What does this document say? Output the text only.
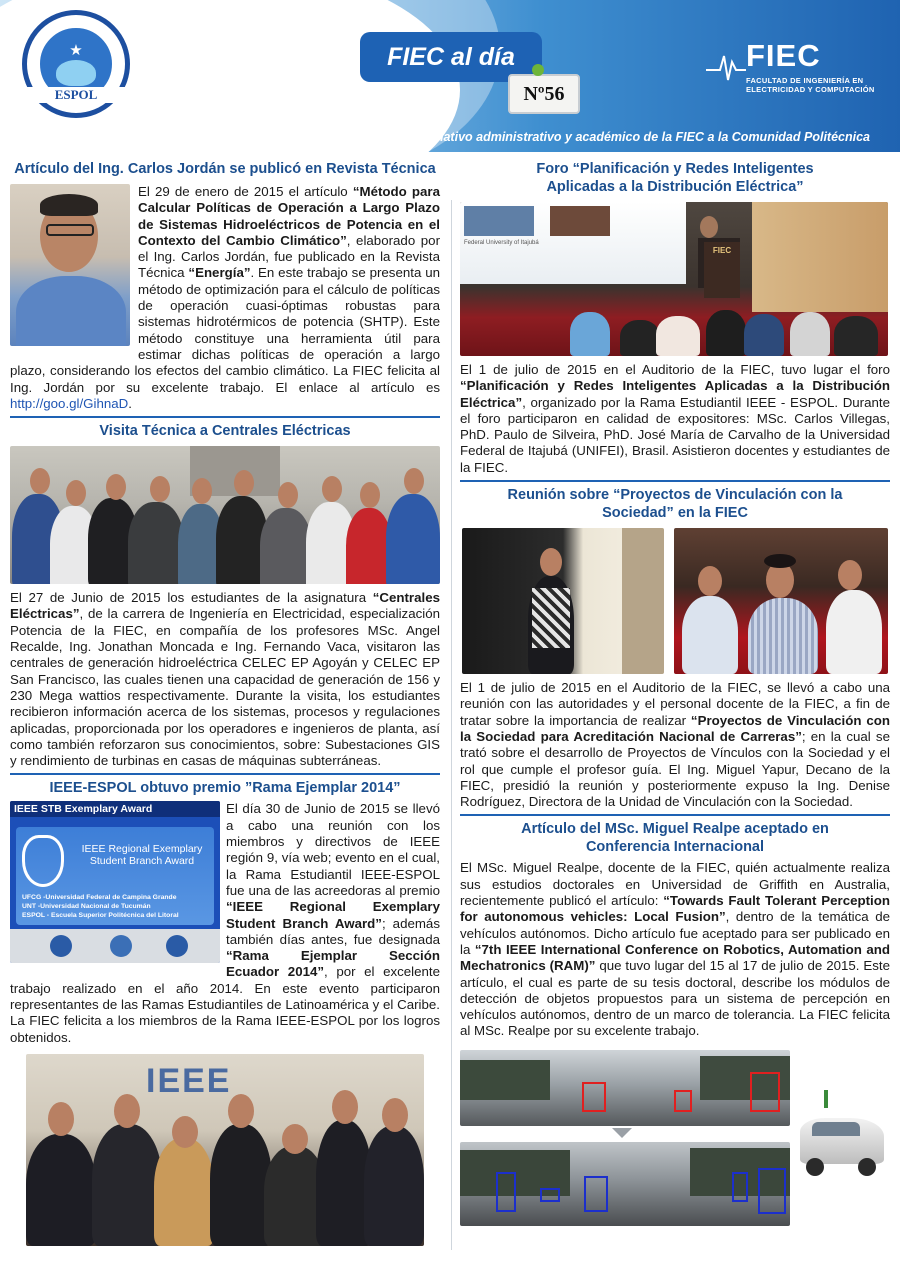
★
ESPOL
FIEC al día
Nº56
FIEC
FACULTAD DE INGENIERÍA EN ELECTRICIDAD Y COMPUTACIÓN
Informativo administrativo y académico de la FIEC a la Comunidad Politécnica
Artículo del Ing. Carlos Jordán se publicó en Revista Técnica

El 29 de enero de 2015 el artículo “Método para Calcular Políticas de Operación a Largo Plazo de Sistemas Hidroeléctricos de Potencia en el Contexto del Cambio Climático”, elaborado por el Ing. Carlos Jordán, fue publicado en la Revista Técnica “Energía”. En este trabajo se presenta un método de optimización para el cálculo de políticas de operación cuasi-óptimas robustas para sistemas hidrotérmicos de potencia (SHTP). Este método constituye una herramienta útil para estimar dichas políticas de operación a largo plazo, considerando los efectos del cambio climático. La FIEC felicita al Ing. Jordán por su excelente trabajo. El enlace al artículo es http://goo.gl/GihnaD.

Visita Técnica a Centrales Eléctricas

El 27 de Junio de 2015 los estudiantes de la asignatura “Centrales Eléctricas”, de la carrera de Ingeniería en Electricidad, especialización Potencia de la FIEC, en compañía de los profesores MSc. Angel Recalde, Ing. Jonathan Moncada e Ing. Fernando Vaca, visitaron las centrales de generación hidroeléctrica CELEC EP Agoyán y CELEC EP San Francisco, las cuales tienen una capacidad de generación de 156 y 230 Mega wattios respectivamente. Durante la visita, los estudiantes recibieron información acerca de los sistemas, procesos y regulaciones aplicadas, proporcionada por los operadores e ingenieros de planta, así como también reforzaron sus conocimientos, sobre: Subestaciones GIS y rendimiento de turbinas en casas de máquinas subterráneas.

IEEE-ESPOL obtuvo premio ”Rama Ejemplar 2014”
IEEE STB Exemplary Award
IEEE Regional Exemplary Student Branch Award
UFCG -Universidad Federal de Campina Grande
UNT -Universidad Nacional de Tucumán
ESPOL - Escuela Superior Politécnica del Litoral

El día 30 de Junio de 2015 se llevó a cabo una reunión con los miembros y directivos de IEEE región 9, vía web; evento en el cual, la Rama Estudiantil IEEE-ESPOL fue una de las acreedoras al premio “IEEE Regional Exemplary Student Branch Award”; además también días antes, fue designada “Rama Ejemplar Sección Ecuador 2014”, por el excelente trabajo realizado en el año 2014. En este evento participaron representantes de las Ramas Estudiantiles de Latinoamérica y el Caribe. La FIEC felicita a los miembros de la Rama IEEE-ESPOL por los logros obtenidos.

IEEE
Foro “Planificación y Redes Inteligentes Aplicadas a la Distribución Eléctrica”
Federal University of Itajubá
FIEC

El 1 de julio de 2015 en el Auditorio de la FIEC, tuvo lugar el foro “Planificación y Redes Inteligentes Aplicadas a la Distribución Eléctrica”, organizado por la Rama Estudiantil IEEE - ESPOL. Durante el foro participaron en calidad de expositores: MSc. Carlos Villegas, PhD. Paulo de Silveira, PhD. José María de Carvalho de la Universidad Federal de Itajubá (UNIFEI), Brasil. Asistieron docentes y estudiantes de la FIEC.

Reunión sobre “Proyectos de Vinculación con la Sociedad” en la FIEC

El 1 de julio de 2015 en el Auditorio de la FIEC, se llevó a cabo una reunión con las autoridades y el personal docente de la FIEC, a fin de tratar sobre la importancia de realizar “Proyectos de Vinculación con la Sociedad para Acreditación Nacional de Carreras”; en la cual se trató sobre el desarrollo de Proyectos de Vínculos con la Sociedad y el rol que cumple el profesor guía. El Ing. Miguel Yapur, Decano de la FIEC, presidió la reunión y posteriormente expuso la Ing. Denise Rodríguez, Directora de la Unidad de Vinculación con la Sociedad.

Artículo del MSc. Miguel Realpe aceptado en Conferencia Internacional

El MSc. Miguel Realpe, docente de la FIEC, quién actualmente realiza sus estudios doctorales en Universidad de Griffith en Australia, recientemente publicó el artículo: “Towards Fault Tolerant Perception for autonomous vehicles: Local Fusion”, dentro de la temática de vehículos autónomos. Dicho artículo fue aceptado para ser publicado en la “7th IEEE International Conference on Robotics, Automation and Mechatronics (RAM)” que tuvo lugar del 15 al 17 de julio de 2015. Este artículo, el cual es parte de su tesis doctoral, describe los módulos de detección de objetos propuestos para un sistema de percepción en vehículos autónomos, dentro de un marco de tolerancia. La FIEC felicita al MSc. Realpe por su excelente trabajo.
